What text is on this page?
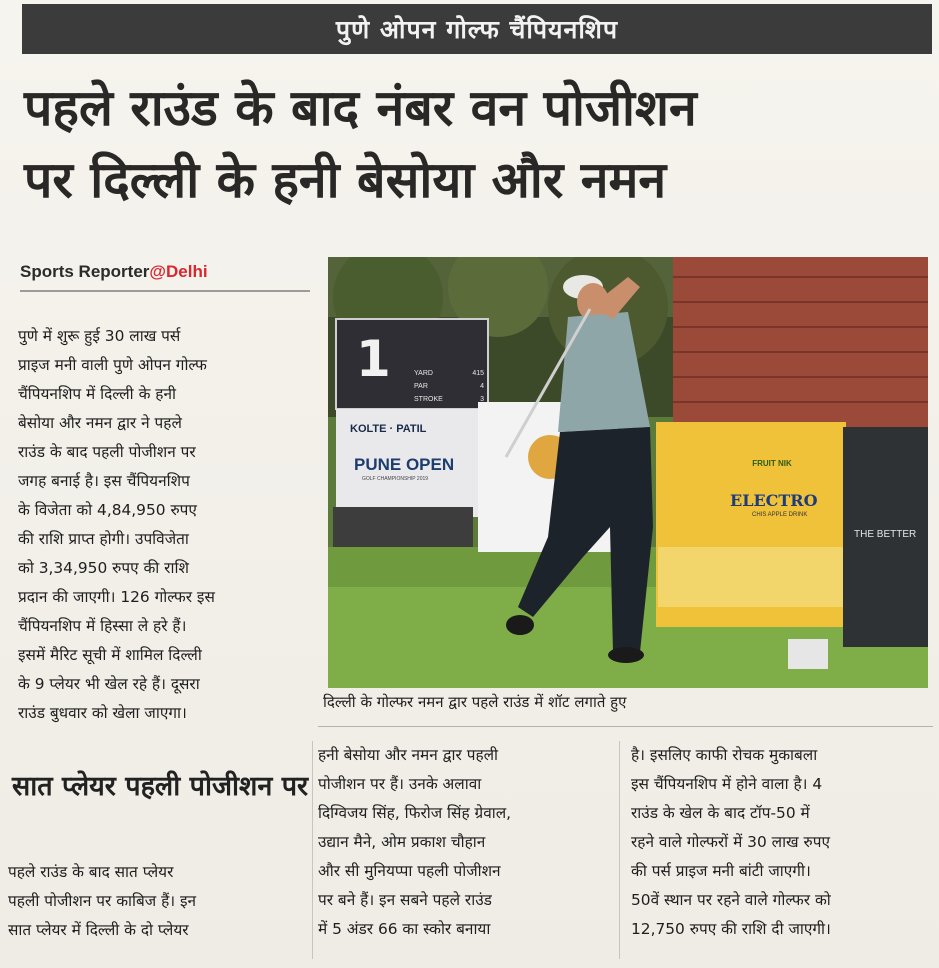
पुणे ओपन गोल्फ चैंपियनशिप
पहले राउंड के बाद नंबर वन पोजीशन
पर दिल्ली के हनी बेसोया और नमन
Sports Reporter@Delhi
पुणे में शुरू हुई 30 लाख पर्स
प्राइज मनी वाली पुणे ओपन गोल्फ
चैंपियनशिप में दिल्ली के हनी
बेसोया और नमन द्वार ने पहले
राउंड के बाद पहली पोजीशन पर
जगह बनाई है। इस चैंपियनशिप
के विजेता को 4,84,950 रुपए
की राशि प्राप्त होगी। उपविजेता
को 3,34,950 रुपए की राशि
प्रदान की जाएगी। 126 गोल्फर इस
चैंपियनशिप में हिस्सा ले हरे हैं।
इसमें मैरिट सूची में शामिल दिल्ली
के 9 प्लेयर भी खेल रहे हैं। दूसरा
राउंड बुधवार को खेला जाएगा।
सात प्लेयर पहली पोजीशन पर
पहले राउंड के बाद सात प्लेयर
पहली पोजीशन पर काबिज हैं। इन
सात प्लेयर में दिल्ली के दो प्लेयर
1	YARD	415
PAR	4
STROKE	3
KOLTE · PATIL
PUNE OPEN
GOLF CHAMPIONSHIP 2019
FRUIT NIK
ELECTRO
CHIS APPLE DRINK
THE BETTER
दिल्ली के गोल्फर नमन द्वार पहले राउंड में शॉट लगाते हुए
हनी बेसोया और नमन द्वार पहली
पोजीशन पर हैं। उनके अलावा
दिग्विजय सिंह, फिरोज सिंह ग्रेवाल,
उद्यान मैने, ओम प्रकाश चौहान
और सी मुनियप्पा पहली पोजीशन
पर बने हैं। इन सबने पहले राउंड
में 5 अंडर 66 का स्कोर बनाया
है। इसलिए काफी रोचक मुकाबला
इस चैंपियनशिप में होने वाला है। 4
राउंड के खेल के बाद टॉप-50 में
रहने वाले गोल्फरों में 30 लाख रुपए
की पर्स प्राइज मनी बांटी जाएगी।
50वें स्थान पर रहने वाले गोल्फर को
12,750 रुपए की राशि दी जाएगी।
